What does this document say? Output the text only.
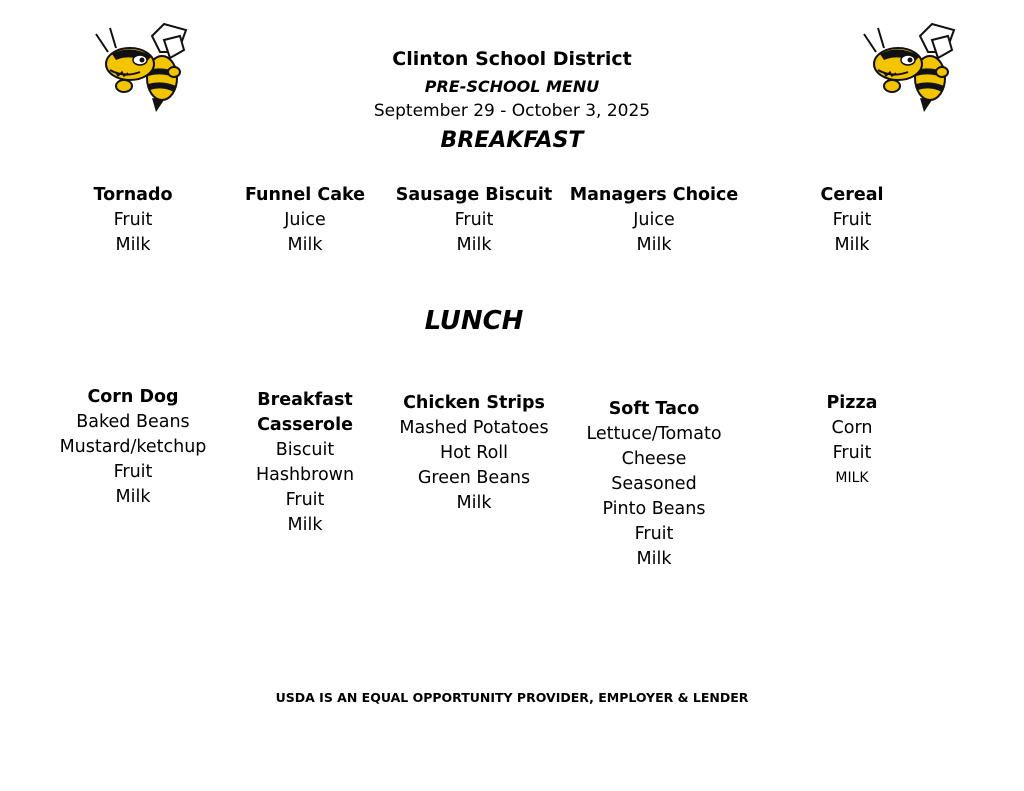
Clinton School District
PRE-SCHOOL MENU
September 29 - October 3, 2025
BREAKFAST
Tornado
Fruit
Milk
Funnel Cake
Juice
Milk
Sausage Biscuit
Fruit
Milk
Managers Choice
Juice
Milk
Cereal
Fruit
Milk
LUNCH
Corn Dog
Baked Beans
Mustard/ketchup
Fruit
Milk
Breakfast
Casserole
Biscuit
Hashbrown
Fruit
Milk
Chicken Strips
Mashed Potatoes
Hot Roll
Green Beans
Milk
Soft Taco
Lettuce/Tomato
Cheese
Seasoned
Pinto Beans
Fruit
Milk
Pizza
Corn
Fruit
MILK
USDA IS AN EQUAL OPPORTUNITY PROVIDER, EMPLOYER & LENDER
